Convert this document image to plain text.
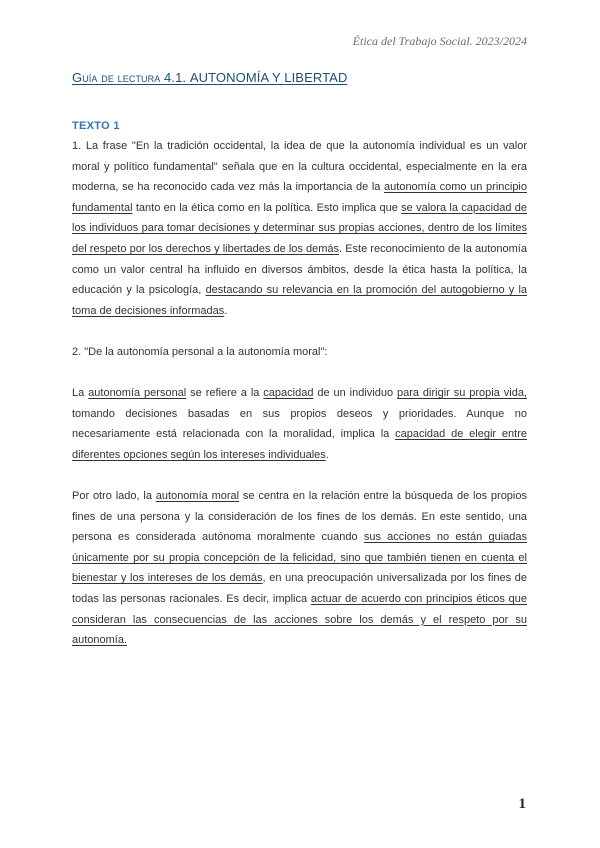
Ética del Trabajo Social. 2023/2024
Guía de lectura 4.1. AUTONOMÍA Y LIBERTAD
TEXTO 1

1. La frase "En la tradición occidental, la idea de que la autonomía individual es un valor moral y político fundamental" señala que en la cultura occidental, especialmente en la era moderna, se ha reconocido cada vez más la importancia de la autonomía como un principio fundamental tanto en la ética como en la política. Esto implica que se valora la capacidad de los individuos para tomar decisiones y determinar sus propias acciones, dentro de los límites del respeto por los derechos y libertades de los demás. Este reconocimiento de la autonomía como un valor central ha influido en diversos ámbitos, desde la ética hasta la política, la educación y la psicología, destacando su relevancia en la promoción del autogobierno y la toma de decisiones informadas.

2. "De la autonomía personal a la autonomía moral":

La autonomía personal se refiere a la capacidad de un individuo para dirigir su propia vida, tomando decisiones basadas en sus propios deseos y prioridades. Aunque no necesariamente está relacionada con la moralidad, implica la capacidad de elegir entre diferentes opciones según los intereses individuales.

Por otro lado, la autonomía moral se centra en la relación entre la búsqueda de los propios fines de una persona y la consideración de los fines de los demás. En este sentido, una persona es considerada autónoma moralmente cuando sus acciones no están guiadas únicamente por su propia concepción de la felicidad, sino que también tienen en cuenta el bienestar y los intereses de los demás, en una preocupación universalizada por los fines de todas las personas racionales. Es decir, implica actuar de acuerdo con principios éticos que consideran las consecuencias de las acciones sobre los demás y el respeto por su autonomía.

1
